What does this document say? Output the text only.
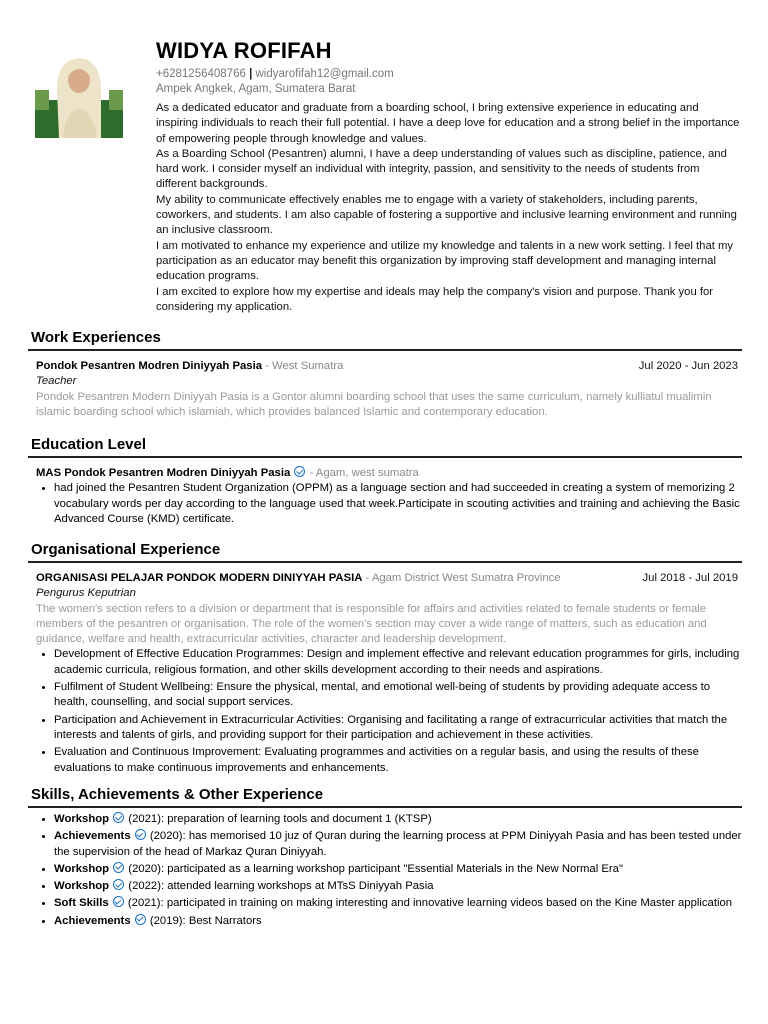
WIDYA ROFIFAH
+6281256408766 | widyarofifah12@gmail.com
Ampek Angkek, Agam, Sumatera Barat

As a dedicated educator and graduate from a boarding school, I bring extensive experience in educating and inspiring individuals to reach their full potential. I have a deep love for education and a strong belief in the importance of empowering people through knowledge and values.

As a Boarding School (Pesantren) alumni, I have a deep understanding of values such as discipline, patience, and hard work. I consider myself an individual with integrity, passion, and sensitivity to the needs of students from different backgrounds.

My ability to communicate effectively enables me to engage with a variety of stakeholders, including parents, coworkers, and students. I am also capable of fostering a supportive and inclusive learning environment and running an inclusive classroom.

I am motivated to enhance my experience and utilize my knowledge and talents in a new work setting. I feel that my participation as an educator may benefit this organization by improving staff development and managing internal education programs.

I am excited to explore how my expertise and ideals may help the company's vision and purpose. Thank you for considering my application.

Work Experiences
Pondok Pesantren Modren Diniyyah Pasia - West Sumatra	Jul 2020 - Jun 2023
Teacher
Pondok Pesantren Modern Diniyyah Pasia is a Gontor alumni boarding school that uses the same curriculum, namely kulliatul mualimin islamic boarding school which islamiah, which provides balanced Islamic and contemporary education.
Education Level
MAS Pondok Pesantren Modren Diniyyah Pasia  - Agam, west sumatra
• had joined the Pesantren Student Organization (OPPM) as a language section and had succeeded in creating a system of memorizing 2 vocabulary words per day according to the language used that week.Participate in scouting activities and training and achieving the Basic Advanced Course (KMD) certificate.
Organisational Experience
ORGANISASI PELAJAR PONDOK MODERN DINIYYAH PASIA - Agam District West Sumatra Province	Jul 2018 - Jul 2019
Pengurus Keputrian
The women's section refers to a division or department that is responsible for affairs and activities related to female students or female members of the pesantren or organisation. The role of the women's section may cover a wide range of matters, such as education and guidance, welfare and health, extracurricular activities, character and leadership development.
• Development of Effective Education Programmes: Design and implement effective and relevant education programmes for girls, including academic curricula, religious formation, and other skills development according to their needs and aspirations.
• Fulfilment of Student Wellbeing: Ensure the physical, mental, and emotional well-being of students by providing adequate access to health, counselling, and social support services.
• Participation and Achievement in Extracurricular Activities: Organising and facilitating a range of extracurricular activities that match the interests and talents of girls, and providing support for their participation and achievement in these activities.
• Evaluation and Continuous Improvement: Evaluating programmes and activities on a regular basis, and using the results of these evaluations to make continuous improvements and enhancements.
Skills, Achievements & Other Experience
• Workshop  (2021): preparation of learning tools and document 1 (KTSP)
• Achievements  (2020): has memorised 10 juz of Quran during the learning process at PPM Diniyyah Pasia and has been tested under the supervision of the head of Markaz Quran Diniyyah.
• Workshop  (2020): participated as a learning workshop participant "Essential Materials in the New Normal Era"
• Workshop  (2022): attended learning workshops at MTsS Diniyyah Pasia
• Soft Skills  (2021): participated in training on making interesting and innovative learning videos based on the Kine Master application
• Achievements  (2019): Best Narrators
